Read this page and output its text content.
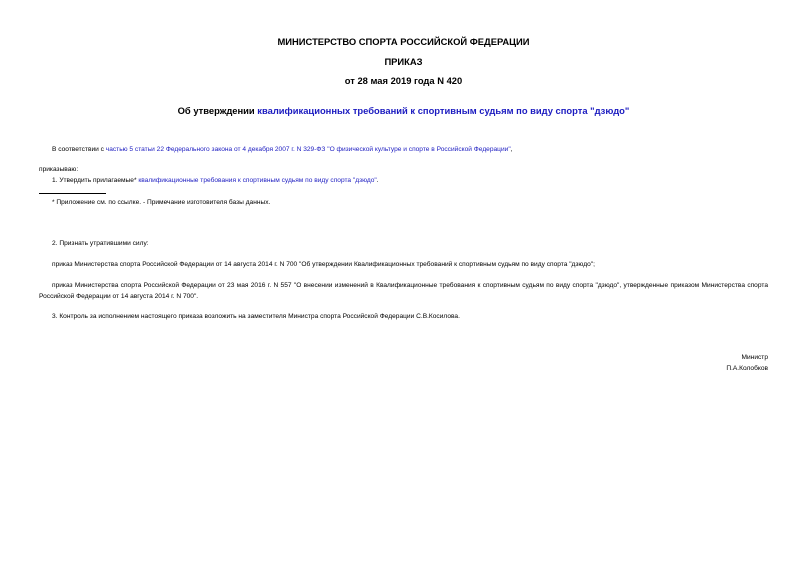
МИНИСТЕРСТВО СПОРТА РОССИЙСКОЙ ФЕДЕРАЦИИ
ПРИКАЗ
от 28 мая 2019 года N 420
Об утверждении квалификационных требований к спортивным судьям по виду спорта "дзюдо"
В соответствии с частью 5 статьи 22 Федерального закона от 4 декабря 2007 г. N 329-ФЗ "О физической культуре и спорте в Российской Федерации",
приказываю:
1. Утвердить прилагаемые* квалификационные требования к спортивным судьям по виду спорта "дзюдо".
* Приложение см. по ссылке. - Примечание изготовителя базы данных.
2. Признать утратившими силу:
приказ Министерства спорта Российской Федерации от 14 августа 2014 г. N 700 "Об утверждении Квалификационных требований к спортивным судьям по виду спорта "дзюдо";
приказ Министерства спорта Российской Федерации от 23 мая 2016 г. N 557 "О внесении изменений в Квалификационные требования к спортивным судьям по виду спорта "дзюдо", утвержденные приказом Министерства спорта Российской Федерации от 14 августа 2014 г. N 700".
3. Контроль за исполнением настоящего приказа возложить на заместителя Министра спорта Российской Федерации С.В.Косилова.
Министр
П.А.Колобков
